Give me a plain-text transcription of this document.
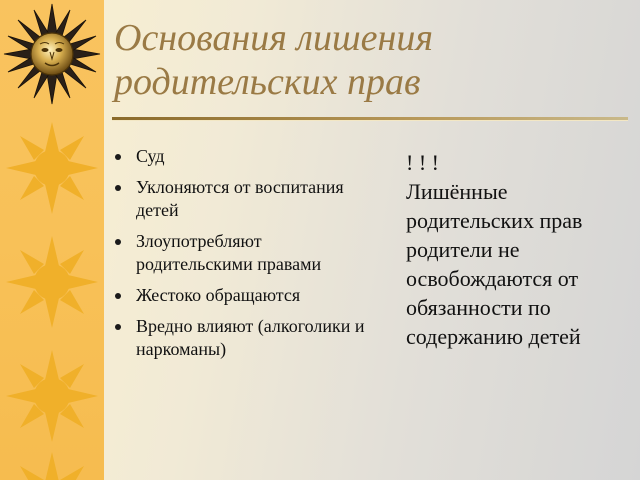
Основания лишения
родительских прав
Суд
Уклоняются от воспитания детей
Злоупотребляют родительскими правами
Жестоко обращаются
Вредно влияют (алкоголики и наркоманы)
! ! !
Лишённые родительских прав родители не освобождаются от обязанности по содержанию детей
